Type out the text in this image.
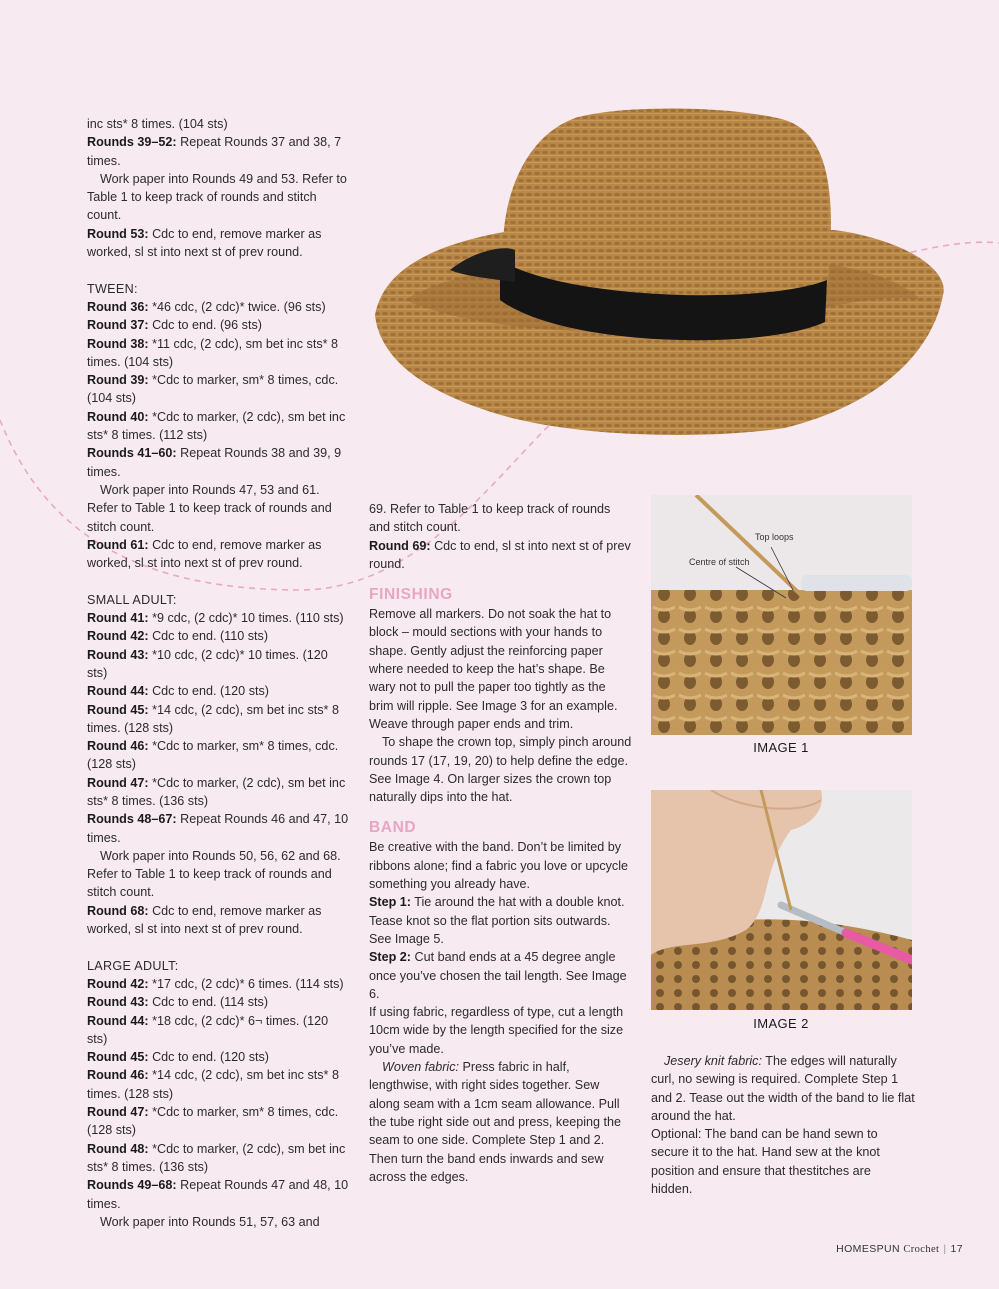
inc sts* 8 times. (104 sts)

Rounds 39–52: Repeat Rounds 37 and 38, 7 times.

Work paper into Rounds 49 and 53. Refer to Table 1 to keep track of rounds and stitch count.

Round 53: Cdc to end, remove marker as worked, sl st into next st of prev round.

TWEEN:

Round 36: *46 cdc, (2 cdc)* twice. (96 sts)

Round 37: Cdc to end. (96 sts)

Round 38: *11 cdc, (2 cdc), sm bet inc sts* 8 times. (104 sts)

Round 39: *Cdc to marker, sm* 8 times, cdc. (104 sts)

Round 40: *Cdc to marker, (2 cdc), sm bet inc sts* 8 times. (112 sts)

Rounds 41–60: Repeat Rounds 38 and 39, 9 times.

Work paper into Rounds 47, 53 and 61. Refer to Table 1 to keep track of rounds and stitch count.

Round 61: Cdc to end, remove marker as worked, sl st into next st of prev round.

SMALL ADULT:

Round 41: *9 cdc, (2 cdc)* 10 times. (110 sts)

Round 42: Cdc to end. (110 sts)

Round 43: *10 cdc, (2 cdc)* 10 times. (120 sts)

Round 44: Cdc to end. (120 sts)

Round 45: *14 cdc, (2 cdc), sm bet inc sts* 8 times. (128 sts)

Round 46: *Cdc to marker, sm* 8 times, cdc. (128 sts)

Round 47: *Cdc to marker, (2 cdc), sm bet inc sts* 8 times. (136 sts)

Rounds 48–67: Repeat Rounds 46 and 47, 10 times.

Work paper into Rounds 50, 56, 62 and 68. Refer to Table 1 to keep track of rounds and stitch count.

Round 68: Cdc to end, remove marker as worked, sl st into next st of prev round.

LARGE ADULT:

Round 42: *17 cdc, (2 cdc)* 6 times. (114 sts)

Round 43: Cdc to end. (114 sts)

Round 44: *18 cdc, (2 cdc)* 6¬ times. (120 sts)

Round 45: Cdc to end. (120 sts)

Round 46: *14 cdc, (2 cdc), sm bet inc sts* 8 times. (128 sts)

Round 47: *Cdc to marker, sm* 8 times, cdc. (128 sts)

Round 48: *Cdc to marker, (2 cdc), sm bet inc sts* 8 times. (136 sts)

Rounds 49–68: Repeat Rounds 47 and 48, 10 times.

Work paper into Rounds 51, 57, 63 and

69. Refer to Table 1 to keep track of rounds and stitch count.

Round 69: Cdc to end, sl st into next st of prev round.

FINISHING

Remove all markers. Do not soak the hat to block – mould sections with your hands to shape. Gently adjust the reinforcing paper where needed to keep the hat’s shape. Be wary not to pull the paper too tightly as the brim will ripple. See Image 3 for an example. Weave through paper ends and trim.

To shape the crown top, simply pinch around rounds 17 (17, 19, 20) to help define the edge. See Image 4. On larger sizes the crown top naturally dips into the hat.

BAND

Be creative with the band. Don’t be limited by ribbons alone; find a fabric you love or upcycle something you already have.

Step 1: Tie around the hat with a double knot. Tease knot so the flat portion sits outwards. See Image 5.

Step 2: Cut band ends at a 45 degree angle once you’ve chosen the tail length. See Image 6.

If using fabric, regardless of type, cut a length 10cm wide by the length specified for the size you’ve made.

Woven fabric: Press fabric in half, lengthwise, with right sides together. Sew along seam with a 1cm seam allowance. Pull the tube right side out and press, keeping the seam to one side. Complete Step 1 and 2. Then turn the band ends inwards and sew across the edges.

Top loops
Centre of stitch
IMAGE 1
IMAGE 2

Jesery knit fabric: The edges will naturally curl, no sewing is required. Complete Step 1 and 2. Tease out the width of the band to lie flat around the hat.

Optional: The band can be hand sewn to secure it to the hat. Hand sew at the knot position and ensure that thestitches are hidden.

HOMESPUN Crochet | 17
